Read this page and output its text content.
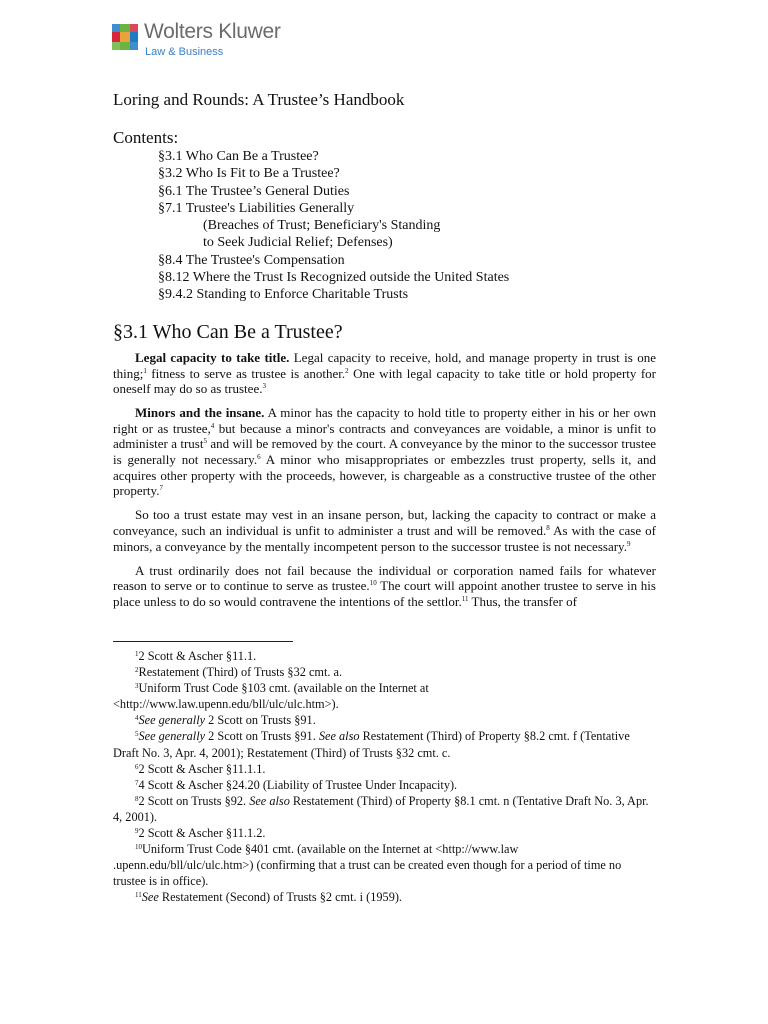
Wolters Kluwer
Law & Business
Loring and Rounds: A Trustee’s Handbook
Contents:
§3.1 Who Can Be a Trustee?
§3.2 Who Is Fit to Be a Trustee?
§6.1 The Trustee’s General Duties
§7.1 Trustee's Liabilities Generally
(Breaches of Trust; Beneficiary's Standing
to Seek Judicial Relief; Defenses)
§8.4 The Trustee's Compensation
§8.12 Where the Trust Is Recognized outside the United States
§9.4.2 Standing to Enforce Charitable Trusts
§3.1 Who Can Be a Trustee?

Legal capacity to take title. Legal capacity to receive, hold, and manage property in trust is one thing;$^1$ fitness to serve as trustee is another.$^2$ One with legal capacity to take title or hold property for oneself may do so as trustee.$^3$

Minors and the insane. A minor has the capacity to hold title to property either in his or her own right or as trustee,$^4$ but because a minor's contracts and conveyances are voidable, a minor is unfit to administer a trust$^5$ and will be removed by the court. A conveyance by the minor to the successor trustee is generally not necessary.$^6$ A minor who misappropriates or embezzles trust property, sells it, and acquires other property with the proceeds, however, is chargeable as a constructive trustee of the other property.$^7$

So too a trust estate may vest in an insane person, but, lacking the capacity to contract or make a conveyance, such an individual is unfit to administer a trust and will be removed.$^8$ As with the case of minors, a conveyance by the mentally incompetent person to the successor trustee is not necessary.$^9$

A trust ordinarily does not fail because the individual or corporation named fails for whatever reason to serve or to continue to serve as trustee.$^{10}$ The court will appoint another trustee to serve in his place unless to do so would contravene the intentions of the settlor.$^{11}$ Thus, the transfer of

$^1$2 Scott & Ascher §11.1.
$^2$Restatement (Third) of Trusts §32 cmt. a.
$^3$Uniform Trust Code §103 cmt. (available on the Internet at <http://www.law.upenn.edu/bll/ulc/ulc.htm>).
$^4$See generally 2 Scott on Trusts §91.
$^5$See generally 2 Scott on Trusts §91. See also Restatement (Third) of Property §8.2 cmt. f (Tentative Draft No. 3, Apr. 4, 2001); Restatement (Third) of Trusts §32 cmt. c.
$^6$2 Scott & Ascher §11.1.1.
$^7$4 Scott & Ascher §24.20 (Liability of Trustee Under Incapacity).
$^8$2 Scott on Trusts §92. See also Restatement (Third) of Property §8.1 cmt. n (Tentative Draft No. 3, Apr. 4, 2001).
$^9$2 Scott & Ascher §11.1.2.
$^{10}$Uniform Trust Code §401 cmt. (available on the Internet at <http://www.law .upenn.edu/bll/ulc/ulc.htm>) (confirming that a trust can be created even though for a period of time no trustee is in office).
$^{11}$See Restatement (Second) of Trusts §2 cmt. i (1959).
